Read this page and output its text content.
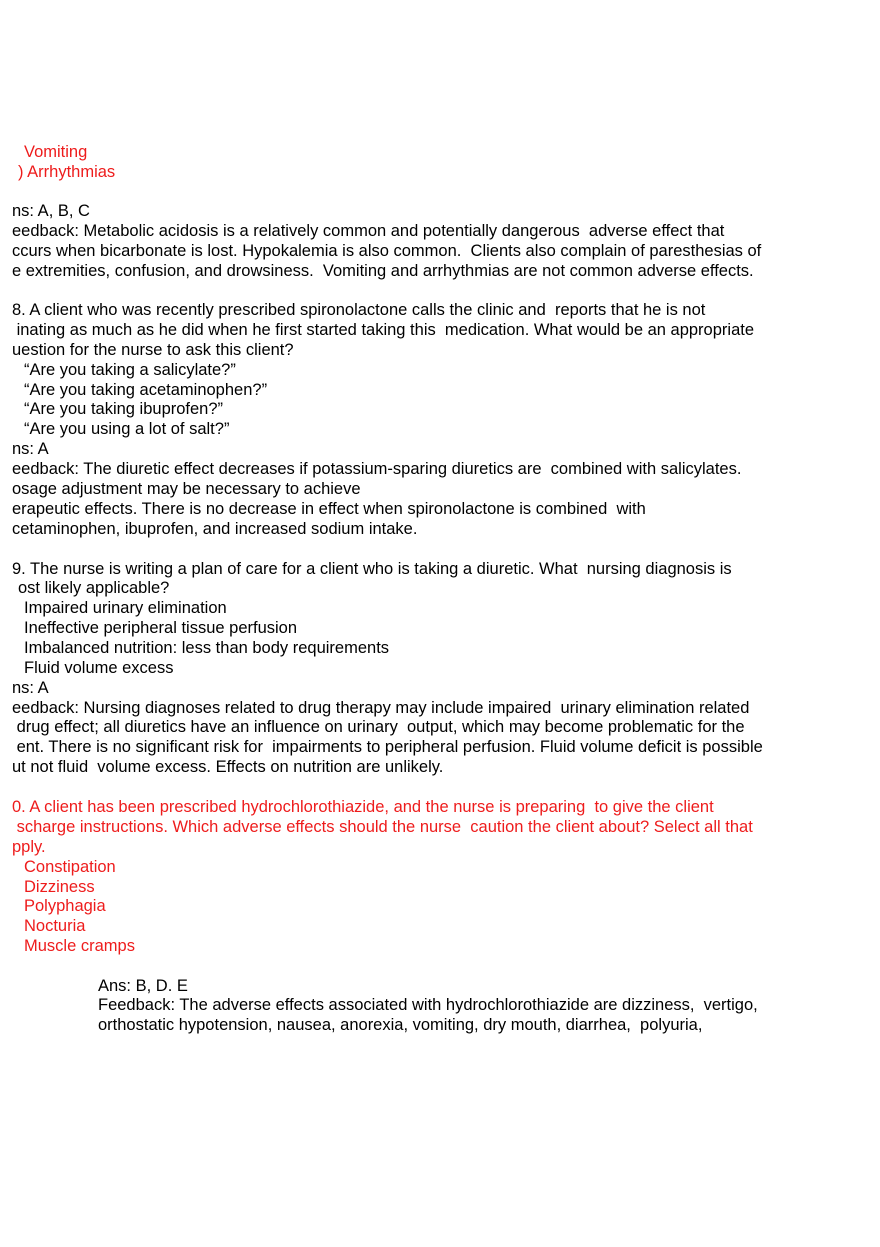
Vomiting
) Arrhythmias
ns: A, B, C
eedback: Metabolic acidosis is a relatively common and potentially dangerous  adverse effect that
ccurs when bicarbonate is lost. Hypokalemia is also common.  Clients also complain of paresthesias of
e extremities, confusion, and drowsiness.  Vomiting and arrhythmias are not common adverse effects.
8. A client who was recently prescribed spironolactone calls the clinic and  reports that he is not
inating as much as he did when he first started taking this  medication. What would be an appropriate
uestion for the nurse to ask this client?
“Are you taking a salicylate?”
“Are you taking acetaminophen?”
“Are you taking ibuprofen?”
“Are you using a lot of salt?”
ns: A
eedback: The diuretic effect decreases if potassium-sparing diuretics are  combined with salicylates.
osage adjustment may be necessary to achieve
erapeutic effects. There is no decrease in effect when spironolactone is combined  with
cetaminophen, ibuprofen, and increased sodium intake.
9. The nurse is writing a plan of care for a client who is taking a diuretic. What  nursing diagnosis is
ost likely applicable?
Impaired urinary elimination
Ineffective peripheral tissue perfusion
Imbalanced nutrition: less than body requirements
Fluid volume excess
ns: A
eedback: Nursing diagnoses related to drug therapy may include impaired  urinary elimination related
drug effect; all diuretics have an influence on urinary  output, which may become problematic for the
ent. There is no significant risk for  impairments to peripheral perfusion. Fluid volume deficit is possible
ut not fluid  volume excess. Effects on nutrition are unlikely.
0. A client has been prescribed hydrochlorothiazide, and the nurse is preparing  to give the client
scharge instructions. Which adverse effects should the nurse  caution the client about? Select all that
pply.
Constipation
Dizziness
Polyphagia
Nocturia
Muscle cramps
Ans: B, D. E
Feedback: The adverse effects associated with hydrochlorothiazide are dizziness,  vertigo,
orthostatic hypotension, nausea, anorexia, vomiting, dry mouth, diarrhea,  polyuria,
